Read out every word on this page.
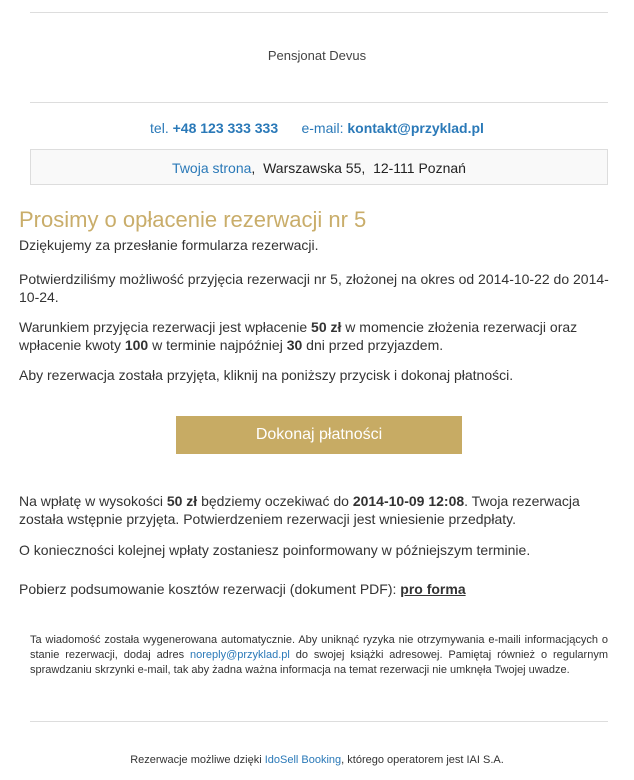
Pensjonat Devus
tel. +48 123 333 333 e-mail: kontakt@przyklad.pl
Twoja strona,  Warszawska 55, 12-111 Poznań
Prosimy o opłacenie rezerwacji nr 5

Dziękujemy za przesłanie formularza rezerwacji.

Potwierdziliśmy możliwość przyjęcia rezerwacji nr 5, złożonej na okres od 2014-10-22 do 2014-10-24.

Warunkiem przyjęcia rezerwacji jest wpłacenie 50 zł w momencie złożenia rezerwacji oraz wpłacenie kwoty 100 w terminie najpóźniej 30 dni przed przyjazdem.

Aby rezerwacja została przyjęta, kliknij na poniższy przycisk i dokonaj płatności.

Dokonaj płatności

Na wpłatę w wysokości 50 zł będziemy oczekiwać do 2014-10-09 12:08. Twoja rezerwacja została wstępnie przyjęta. Potwierdzeniem rezerwacji jest wniesienie przedpłaty.

O konieczności kolejnej wpłaty zostaniesz poinformowany w późniejszym terminie.

Pobierz podsumowanie kosztów rezerwacji (dokument PDF): pro forma

Ta wiadomość została wygenerowana automatycznie. Aby uniknąć ryzyka nie otrzymywania e-maili informacjących o stanie rezerwacji, dodaj adres noreply@przyklad.pl do swojej książki adresowej. Pamiętaj również o regularnym sprawdzaniu skrzynki e-mail, tak aby żadna ważna informacja na temat rezerwacji nie umknęła Twojej uwadze.

Rezerwacje możliwe dzięki IdoSell Booking, którego operatorem jest IAI S.A.
